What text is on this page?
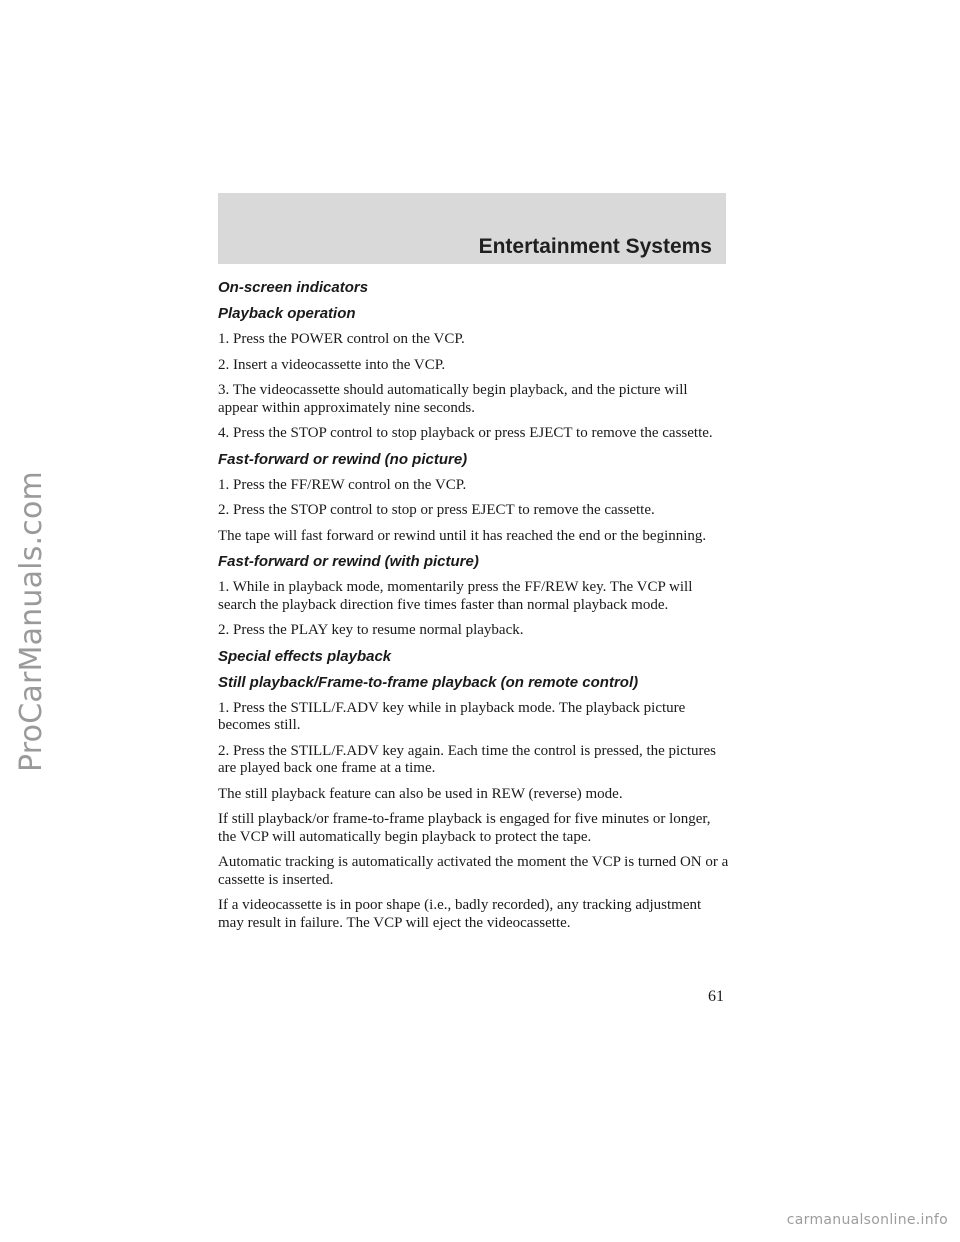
ProCarManuals.com
Entertainment Systems
On-screen indicators
Playback operation

1. Press the POWER control on the VCP.

2. Insert a videocassette into the VCP.

3. The videocassette should automatically begin playback, and the picture will appear within approximately nine seconds.

4. Press the STOP control to stop playback or press EJECT to remove the cassette.

Fast-forward or rewind (no picture)

1. Press the FF/REW control on the VCP.

2. Press the STOP control to stop or press EJECT to remove the cassette.

The tape will fast forward or rewind until it has reached the end or the beginning.

Fast-forward or rewind (with picture)

1. While in playback mode, momentarily press the FF/REW key. The VCP will search the playback direction five times faster than normal playback mode.

2. Press the PLAY key to resume normal playback.

Special effects playback
Still playback/Frame-to-frame playback (on remote control)

1. Press the STILL/F.ADV key while in playback mode. The playback picture becomes still.

2. Press the STILL/F.ADV key again. Each time the control is pressed, the pictures are played back one frame at a time.

The still playback feature can also be used in REW (reverse) mode.

If still playback/or frame-to-frame playback is engaged for five minutes or longer, the VCP will automatically begin playback to protect the tape.

Automatic tracking is automatically activated the moment the VCP is turned ON or a cassette is inserted.

If a videocassette is in poor shape (i.e., badly recorded), any tracking adjustment may result in failure. The VCP will eject the videocassette.

61
carmanualsonline.info
